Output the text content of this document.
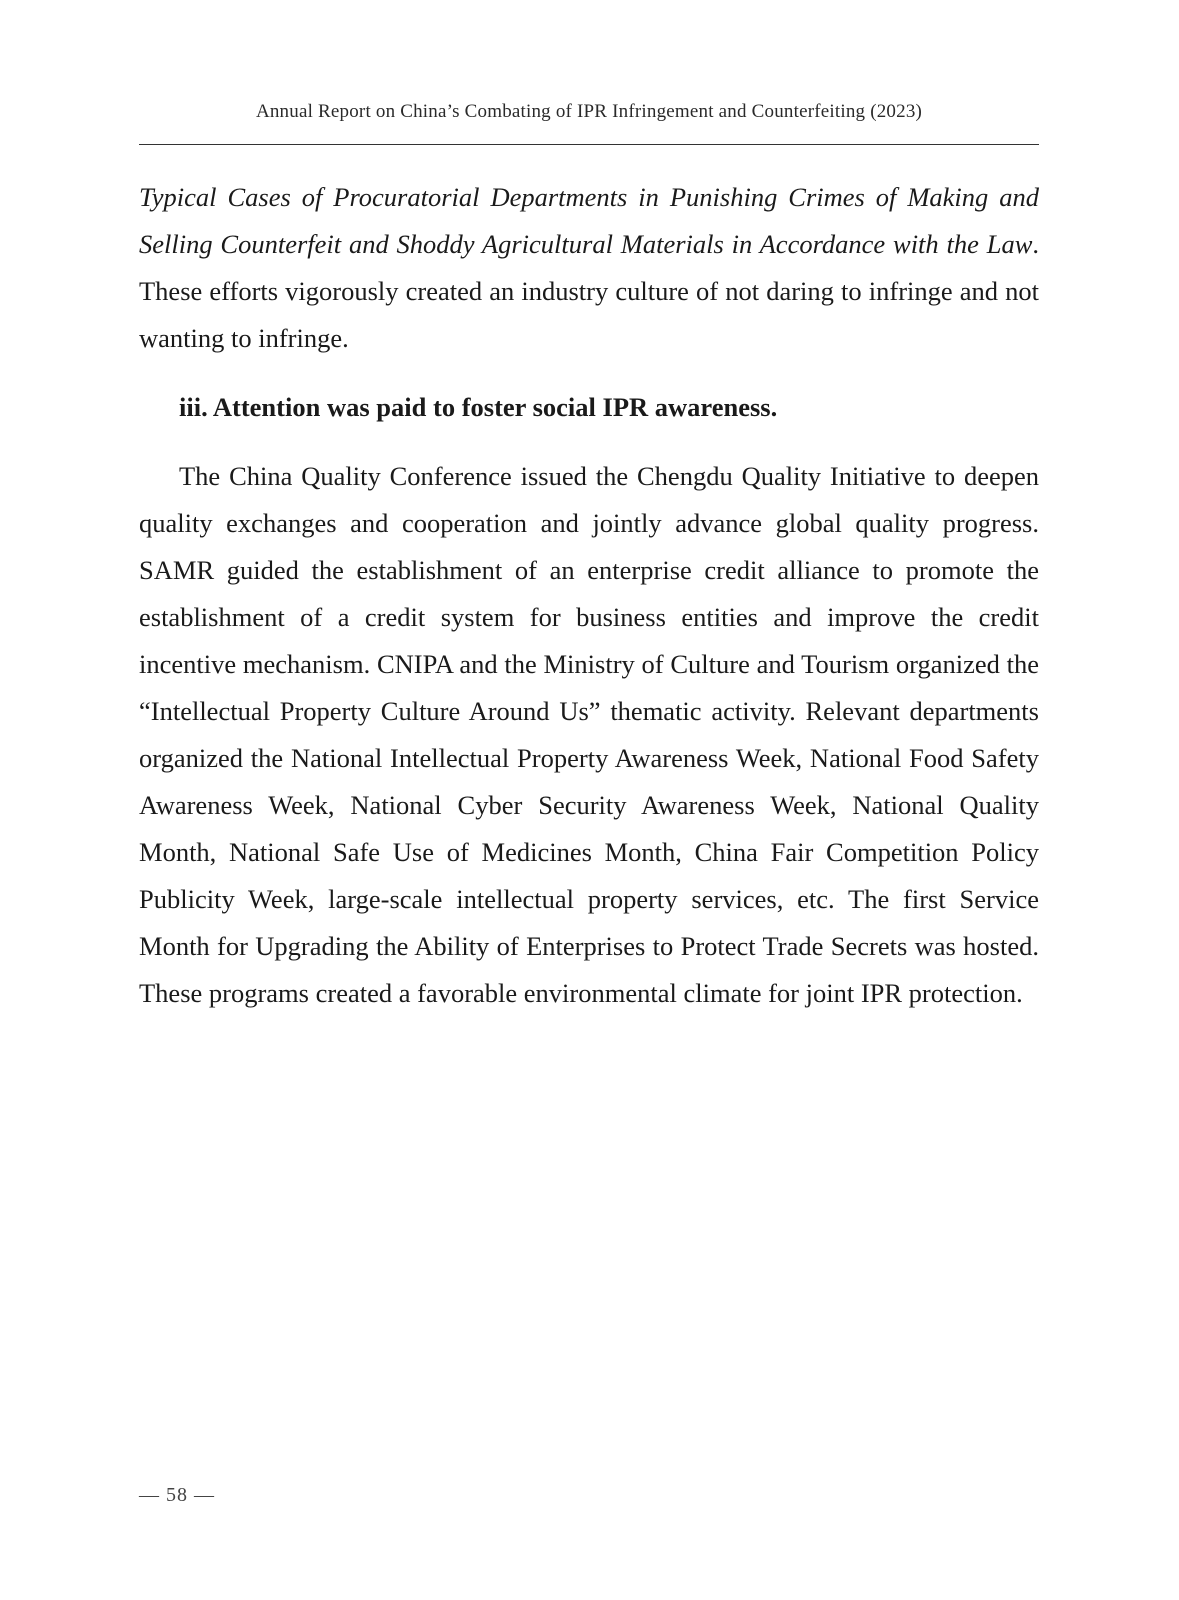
Annual Report on China’s Combating of IPR Infringement and Counterfeiting (2023)

Typical Cases of Procuratorial Departments in Punishing Crimes of Making and Selling Counterfeit and Shoddy Agricultural Materials in Accordance with the Law. These efforts vigorously created an industry culture of not daring to infringe and not wanting to infringe.

iii. Attention was paid to foster social IPR awareness.

The China Quality Conference issued the Chengdu Quality Initiative to deepen quality exchanges and cooperation and jointly advance global quality progress. SAMR guided the establishment of an enterprise credit alliance to promote the establishment of a credit system for business entities and improve the credit incentive mechanism. CNIPA and the Ministry of Culture and Tourism organized the “Intellectual Property Culture Around Us” thematic activity. Relevant departments organized the National Intellectual Property Awareness Week, National Food Safety Awareness Week, National Cyber Security Awareness Week, National Quality Month, National Safe Use of Medicines Month, China Fair Competition Policy Publicity Week, large-scale intellectual property services, etc. The first Service Month for Upgrading the Ability of Enterprises to Protect Trade Secrets was hosted. These programs created a favorable environmental climate for joint IPR protection.

— 58 —
